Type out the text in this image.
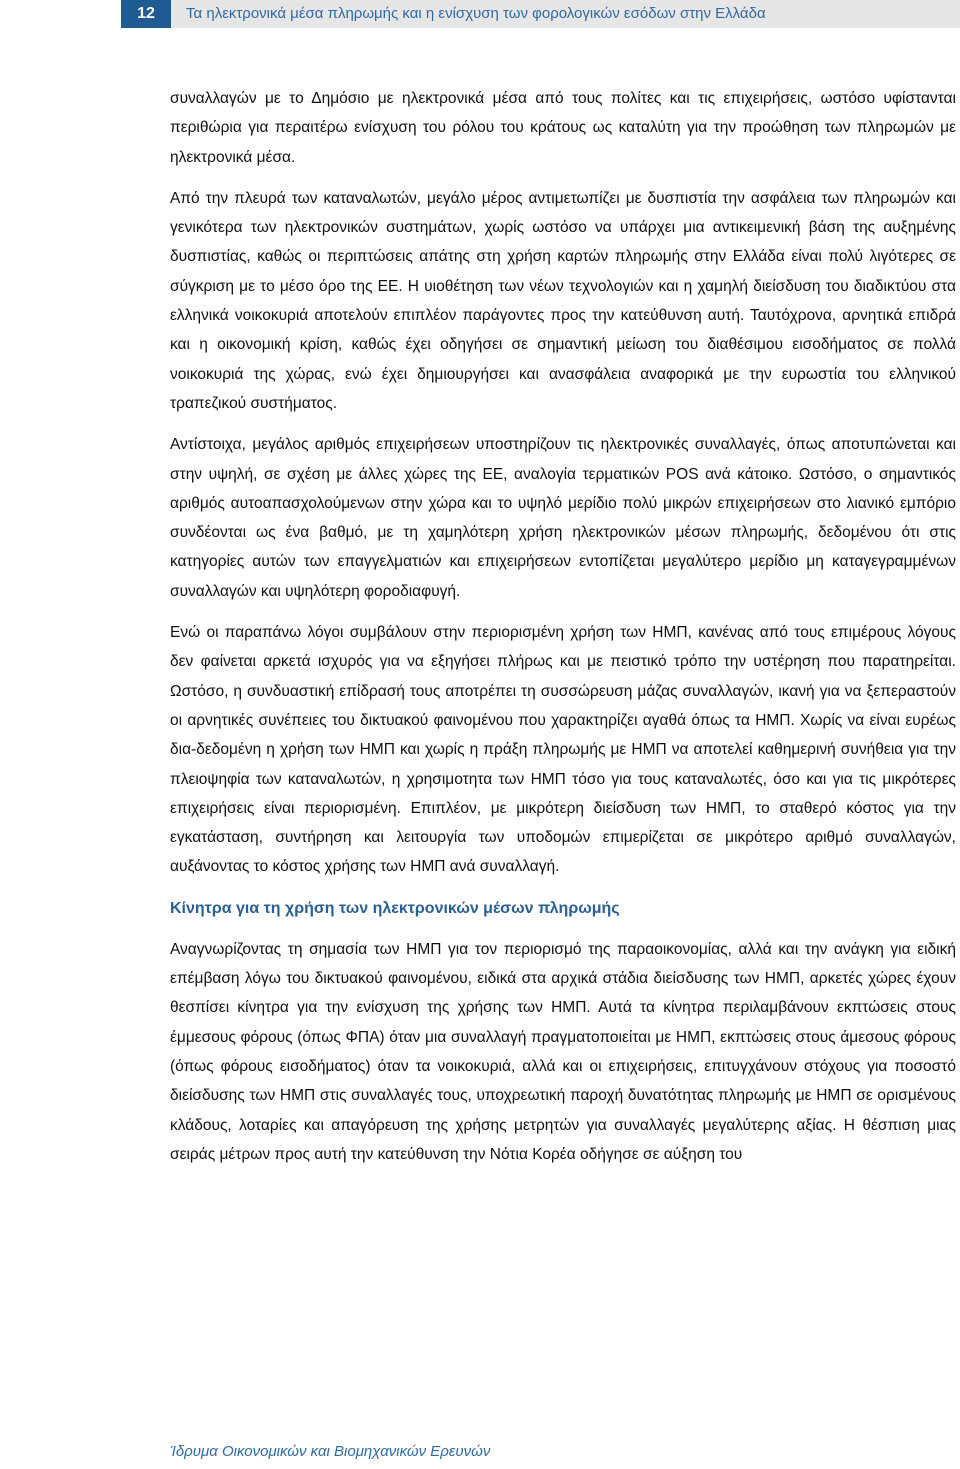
12	Τα ηλεκτρονικά μέσα πληρωμής και η ενίσχυση των φορολογικών εσόδων στην Ελλάδα

συναλλαγών με το Δημόσιο με ηλεκτρονικά μέσα από τους πολίτες και τις επιχειρήσεις, ωστόσο υφίστανται περιθώρια για περαιτέρω ενίσχυση του ρόλου του κράτους ως καταλύτη για την προώθηση των πληρωμών με ηλεκτρονικά μέσα.

Από την πλευρά των καταναλωτών, μεγάλο μέρος αντιμετωπίζει με δυσπιστία την ασφάλεια των πληρωμών και γενικότερα των ηλεκτρονικών συστημάτων, χωρίς ωστόσο να υπάρχει μια αντικειμενική βάση της αυξημένης δυσπιστίας, καθώς οι περιπτώσεις απάτης στη χρήση καρτών πληρωμής στην Ελλάδα είναι πολύ λιγότερες σε σύγκριση με το μέσο όρο της ΕΕ. Η υιοθέτηση των νέων τεχνολογιών και η χαμηλή διείσδυση του διαδικτύου στα ελληνικά νοικοκυριά αποτελούν επιπλέον παράγοντες προς την κατεύθυνση αυτή. Ταυτόχρονα, αρνητικά επιδρά και η οικονομική κρίση, καθώς έχει οδηγήσει σε σημαντική μείωση του διαθέσιμου εισοδήματος σε πολλά νοικοκυριά της χώρας, ενώ έχει δημιουργήσει και ανασφάλεια αναφορικά με την ευρωστία του ελληνικού τραπεζικού συστήματος.

Αντίστοιχα, μεγάλος αριθμός επιχειρήσεων υποστηρίζουν τις ηλεκτρονικές συναλλαγές, όπως αποτυπώνεται και στην υψηλή, σε σχέση με άλλες χώρες της ΕΕ, αναλογία τερματικών POS ανά κάτοικο. Ωστόσο, ο σημαντικός αριθμός αυτοαπασχολούμενων στην χώρα και το υψηλό μερίδιο πολύ μικρών επιχειρήσεων στο λιανικό εμπόριο συνδέονται ως ένα βαθμό, με τη χαμηλότερη χρήση ηλεκτρονικών μέσων πληρωμής, δεδομένου ότι στις κατηγορίες αυτών των επαγγελματιών και επιχειρήσεων εντοπίζεται μεγαλύτερο μερίδιο μη καταγεγραμμένων συναλλαγών και υψηλότερη φοροδιαφυγή.

Ενώ οι παραπάνω λόγοι συμβάλουν στην περιορισμένη χρήση των ΗΜΠ, κανένας από τους επιμέρους λόγους δεν φαίνεται αρκετά ισχυρός για να εξηγήσει πλήρως και με πειστικό τρόπο την υστέρηση που παρατηρείται. Ωστόσο, η συνδυαστική επίδρασή τους αποτρέπει τη συσσώρευση μάζας συναλλαγών, ικανή για να ξεπεραστούν οι αρνητικές συνέπειες του δικτυακού φαινομένου που χαρακτηρίζει αγαθά όπως τα ΗΜΠ. Χωρίς να είναι ευρέως δια-δεδομένη η χρήση των ΗΜΠ και χωρίς η πράξη πληρωμής με ΗΜΠ να αποτελεί καθημερινή συνήθεια για την πλειοψηφία των καταναλωτών, η χρησιμοτητα των ΗΜΠ τόσο για τους καταναλωτές, όσο και για τις μικρότερες επιχειρήσεις είναι περιορισμένη. Επιπλέον, με μικρότερη διείσδυση των ΗΜΠ, το σταθερό κόστος για την εγκατάσταση, συντήρηση και λειτουργία των υποδομών επιμερίζεται σε μικρότερο αριθμό συναλλαγών, αυξάνοντας το κόστος χρήσης των ΗΜΠ ανά συναλλαγή.

Κίνητρα για τη χρήση των ηλεκτρονικών μέσων πληρωμής

Αναγνωρίζοντας τη σημασία των ΗΜΠ για τον περιορισμό της παραοικονομίας, αλλά και την ανάγκη για ειδική επέμβαση λόγω του δικτυακού φαινομένου, ειδικά στα αρχικά στάδια διείσδυσης των ΗΜΠ, αρκετές χώρες έχουν θεσπίσει κίνητρα για την ενίσχυση της χρήσης των ΗΜΠ. Αυτά τα κίνητρα περιλαμβάνουν εκπτώσεις στους έμμεσους φόρους (όπως ΦΠΑ) όταν μια συναλλαγή πραγματοποιείται με ΗΜΠ, εκπτώσεις στους άμεσους φόρους (όπως φόρους εισοδήματος) όταν τα νοικοκυριά, αλλά και οι επιχειρήσεις, επιτυγχάνουν στόχους για ποσοστό διείσδυσης των ΗΜΠ στις συναλλαγές τους, υποχρεωτική παροχή δυνατότητας πληρωμής με ΗΜΠ σε ορισμένους κλάδους, λοταρίες και απαγόρευση της χρήσης μετρητών για συναλλαγές μεγαλύτερης αξίας. Η θέσπιση μιας σειράς μέτρων προς αυτή την κατεύθυνση την Νότια Κορέα οδήγησε σε αύξηση του

Ίδρυμα Οικονομικών και Βιομηχανικών Ερευνών
